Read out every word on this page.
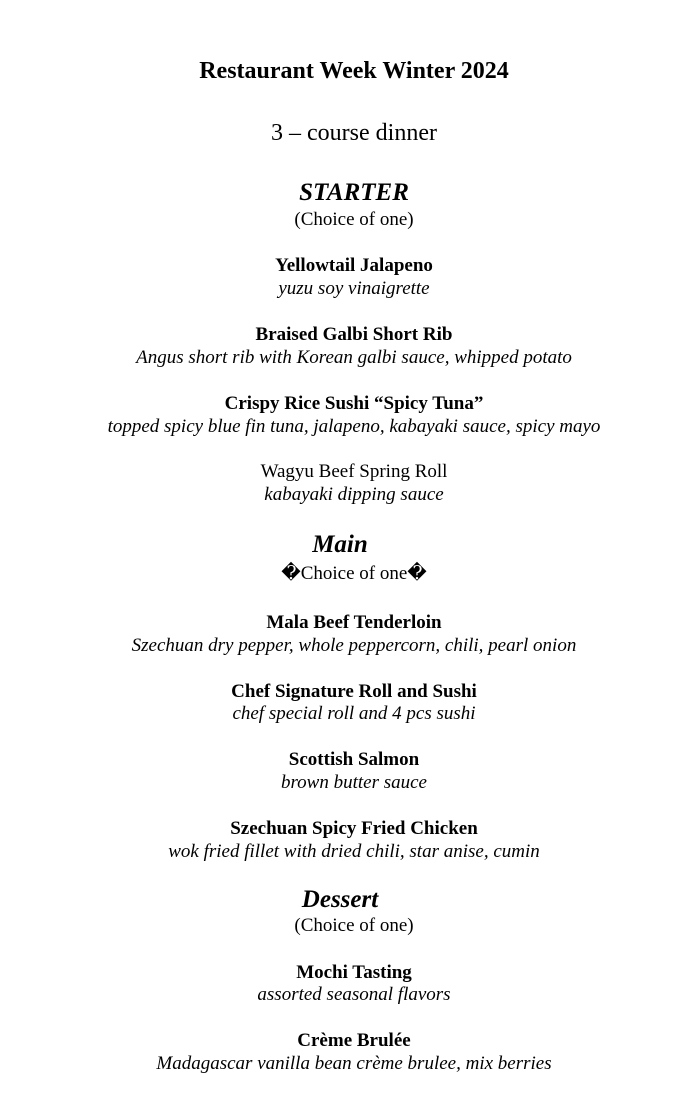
Restaurant Week Winter 2024
3 – course dinner
STARTER
(Choice of one)
Yellowtail Jalapeno
yuzu soy vinaigrette
Braised Galbi Short Rib
Angus short rib with Korean galbi sauce, whipped potato
Crispy Rice Sushi “Spicy Tuna”
topped spicy blue fin tuna, jalapeno, kabayaki sauce, spicy mayo
Wagyu Beef Spring Roll
kabayaki dipping sauce
Main
�Choice of one�
Mala Beef Tenderloin
Szechuan dry pepper, whole peppercorn, chili, pearl onion
Chef Signature Roll and Sushi
chef special roll and 4 pcs sushi
Scottish Salmon
brown butter sauce
Szechuan Spicy Fried Chicken
wok fried fillet with dried chili, star anise, cumin
Dessert
(Choice of one)
Mochi Tasting
assorted seasonal flavors
Crème Brulée
Madagascar vanilla bean crème brulee, mix berries
